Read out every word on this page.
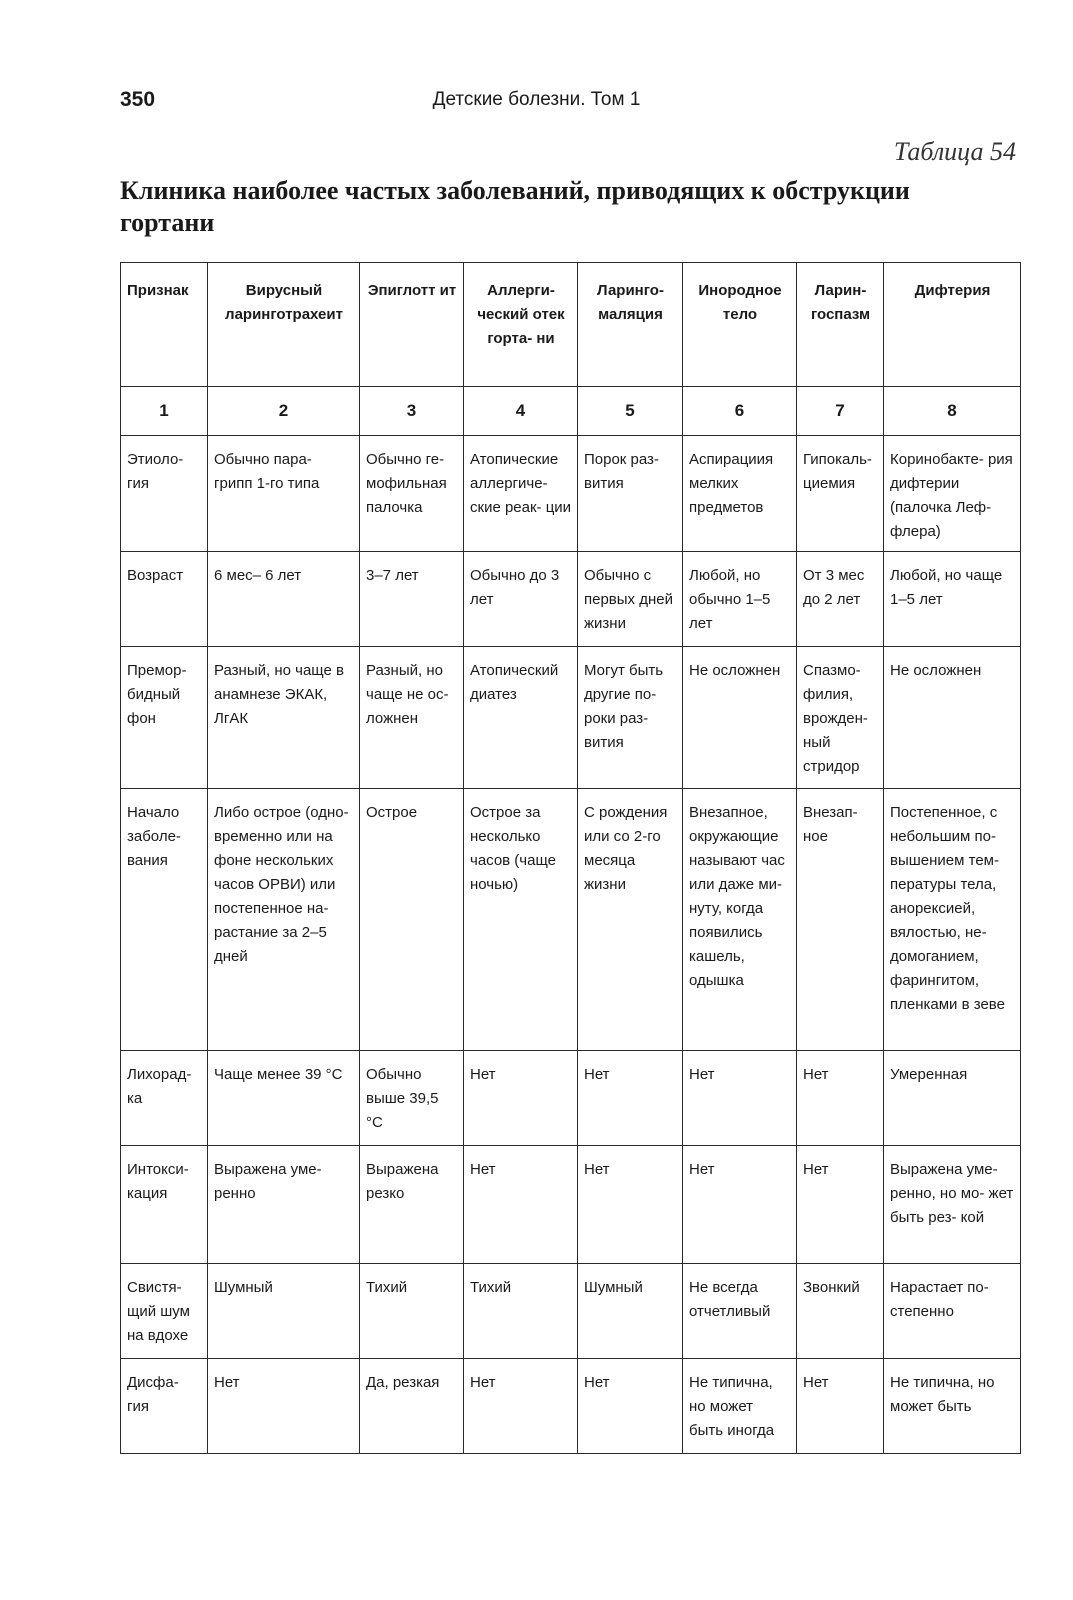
350	Детские болезни. Том 1
Таблица 54
Клиника наиболее частых заболеваний, приводящих к обструкции гортани
Признак	Вирусный ларинготрахеит	Эпиглотт ит	Аллерги- ческий отек горта- ни	Ларинго- маляция	Инородное тело	Ларин- госпазм	Дифтерия
1	2	3	4	5	6	7	8
Этиоло- гия	Обычно пара- грипп 1-го типа	Обычно ге- мофильная палочка	Атопические аллергиче- ские реак- ции	Порок раз- вития	Аспирациия мелких предметов	Гипокаль- циемия	Коринобакте- рия дифтерии (палочка Леф- флера)
Возраст	6 мес– 6 лет	3–7 лет	Обычно до 3 лет	Обычно с первых дней жизни	Любой, но обычно 1–5 лет	От 3 мес до 2 лет	Любой, но чаще 1–5 лет
Премор- бидный фон	Разный, но чаще в анамнезе ЭКАК, ЛгАК	Разный, но чаще не ос- ложнен	Атопический диатез	Могут быть другие по- роки раз- вития	Не осложнен	Спазмо- филия, врожден- ный стридор	Не осложнен
Начало заболе- вания	Либо острое (одно- временно или на фоне нескольких часов ОРВИ) или постепенное на- растание за 2–5 дней	Острое	Острое за несколько часов (чаще ночью)	С рождения или со 2-го месяца жизни	Внезапное, окружающие называют час или даже ми- нуту, когда появились кашель, одышка	Внезап- ное	Постепенное, с небольшим по- вышением тем- пературы тела, анорексией, вялостью, не- домоганием, фарингитом, пленками в зеве
Лихорад- ка	Чаще менее 39 °C	Обычно выше 39,5 °C	Нет	Нет	Нет	Нет	Умеренная
Интокси- кация	Выражена уме- ренно	Выражена резко	Нет	Нет	Нет	Нет	Выражена уме- ренно, но мо- жет быть рез- кой
Свистя- щий шум на вдохе	Шумный	Тихий	Тихий	Шумный	Не всегда отчетливый	Звонкий	Нарастает по- степенно
Дисфа- гия	Нет	Да, резкая	Нет	Нет	Не типична, но может быть иногда	Нет	Не типична, но может быть
